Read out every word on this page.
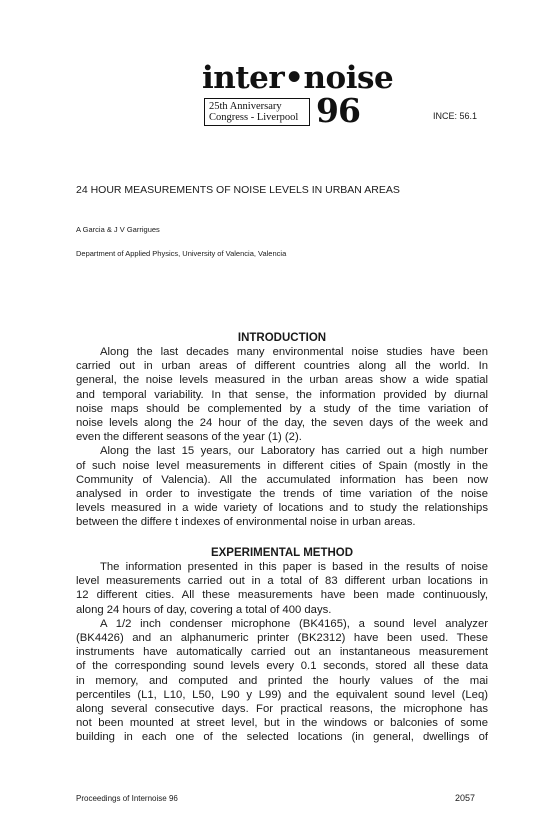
inter•noise
25th Anniversary
Congress - Liverpool 96	INCE: 56.1
24 HOUR MEASUREMENTS OF NOISE LEVELS IN URBAN AREAS
A Garcia & J V Garrigues
Department of Applied Physics, University of Valencia, Valencia
INTRODUCTION
Along the last decades many environmental noise studies have been
carried out in urban areas of different countries along all the world. In
general, the noise levels measured in the urban areas show a wide spatial
and temporal variability. In that sense, the information provided by diurnal
noise maps should be complemented by a study of the time variation of
noise levels along the 24 hour of the day, the seven days of the week and
even the different seasons of the year (1) (2).
Along the last 15 years, our Laboratory has carried out a high number
of such noise level measurements in different cities of Spain (mostly in the
Community of Valencia). All the accumulated information has been now
analysed in order to investigate the trends of time variation of the noise
levels measured in a wide variety of locations and to study the relationships
between the differe t indexes of environmental noise in urban areas.
EXPERIMENTAL METHOD
The information presented in this paper is based in the results of noise
level measurements carried out in a total of 83 different urban locations in
12 different cities. All these measurements have been made continuously,
along 24 hours of day, covering a total of 400 days.
A 1/2 inch condenser microphone (BK4165), a sound level analyzer
(BK4426) and an alphanumeric printer (BK2312) have been used. These
instruments have automatically carried out an instantaneous measurement
of the corresponding sound levels every 0.1 seconds, stored all these data
in memory, and computed and printed the hourly values of the mai
percentiles (L1, L10, L50, L90 y L99) and the equivalent sound level (Leq)
along several consecutive days. For practical reasons, the microphone has
not been mounted at street level, but in the windows or balconies of some
building in each one of the selected locations (in general, dwellings of
Proceedings of Internoise 96	2057
